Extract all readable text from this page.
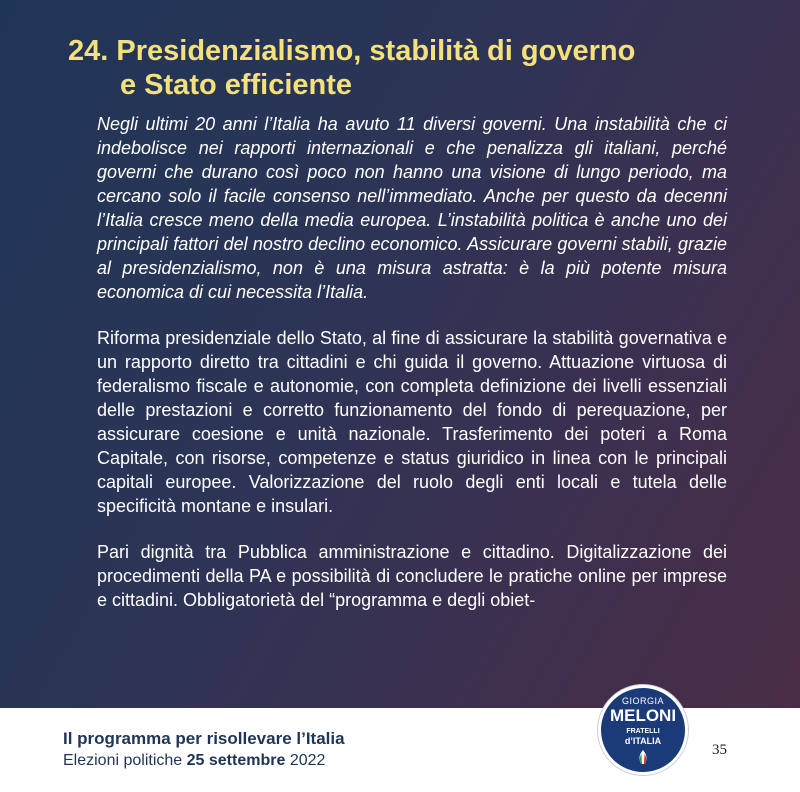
24. Presidenzialismo, stabilità di governo
e Stato efficiente

Negli ultimi 20 anni l’Italia ha avuto 11 diversi governi. Una instabilità che ci indebolisce nei rapporti internazionali e che penalizza gli italiani, perché governi che durano così poco non hanno una visione di lungo periodo, ma cercano solo il facile consenso nell’immediato. Anche per questo da decenni l’Italia cresce meno della media europea. L’instabilità politica è anche uno dei principali fattori del nostro declino economico. Assicurare governi stabili, grazie al presidenzialismo, non è una misura astratta: è la più potente misura economica di cui necessita l’Italia.

Riforma presidenziale dello Stato, al fine di assicurare la stabilità governativa e un rapporto diretto tra cittadini e chi guida il governo. Attuazione virtuosa di federalismo fiscale e autonomie, con completa definizione dei livelli essenziali delle prestazioni e corretto funzionamento del fondo di perequazione, per assicurare coesione e unità nazionale. Trasferimento dei poteri a Roma Capitale, con risorse, competenze e status giuridico in linea con le principali capitali europee. Valorizzazione del ruolo degli enti locali e tutela delle specificità montane e insulari.

Pari dignità tra Pubblica amministrazione e cittadino. Digitalizzazione dei procedimenti della PA e possibilità di concludere le pratiche online per imprese e cittadini. Obbligatorietà del “programma e degli obiet-

Il programma per risollevare l’Italia
Elezioni politiche 25 settembre 2022
35
GIORGIA
MELONI
FRATELLI
d’ITALIA
